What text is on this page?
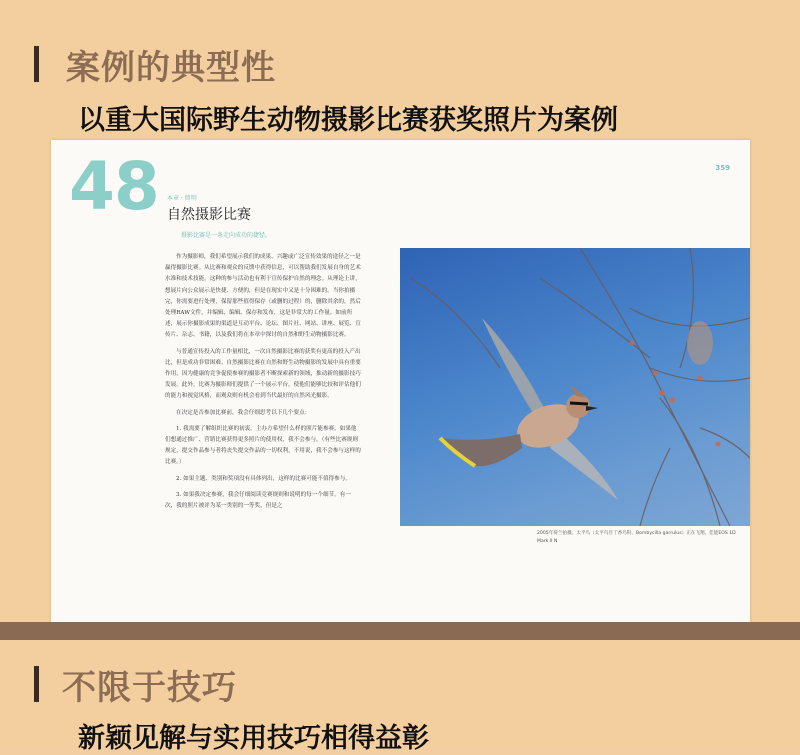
案例的典型性
以重大国际野生动物摄影比赛获奖照片为案例
48 本章 · 简明
自然摄影比赛
摄影比赛是一条走向成功的捷径。
359

作为摄影师，我们希望展示我们的成果、兴趣或广泛宣传效果的途径之一是赢得摄影比赛。从比赛和观众的反馈中获得信息，可以帮助我们发展自身的艺术水准和技术技能。这种的参与活动也有利于宣传保护自然的理念。从理论上讲，想展片向公众展示是快捷、方便的，但是在现实中又是十分困难的。当你拍摄完，你需要进行处理，保留那些值得保存（或删的过程）的，删除其余的，然后处理RAW文件，并编辑、编辑、保存和发布，这是非常大的工作量。如前所述，展示你摄影成果的渠道是互动平台、论坛、图片社、网站、讲座、展览、宣传片、杂志、书籍，以及我们将在本章中探讨的自然和野生动物摄影比赛。

与普通宣传投入的工作量相比，一次自然摄影比赛的获奖有更高的投入产出比，但是成功非常困难。自然摄影比赛在自然和野生动物摄影的发展中具有重要作用，因为健康的竞争促使参赛的摄影者不断探索新的领域，推动新的摄影技巧发展。此外，比赛为摄影师们提供了一个展示平台，使他们能够比较和评估他们的能力和视觉风格，而观众则有机会看到当代最好的自然风光摄影。

在决定是否参加比赛前，我会仔细思考以下几个要点：

1. 我需要了解组织比赛的初衷。主办方希望什么样的照片能参赛，如果他们想通过推广、营销比赛获得更多照片的使用权，我不会参与。（有些比赛规则规定，提交作品参与者将丧失提交作品的一切权利，不用说，我不会参与这样的比赛。）

2. 如果主题、类别和奖项没有具体列出，这样的比赛可能不值得参与。

3. 如果我决定参赛，我会仔细阅读竞赛规则和说明的每一个细节。有一次，我的照片被评为某一类别的一等奖，但是之

2005年荷兰拍摄。太平鸟（太平鸟目丁香鸟科，Bombycilla garrulus）正在飞翔。佳能EOS 1D Mark II N
不限于技巧
新颖见解与实用技巧相得益彰
